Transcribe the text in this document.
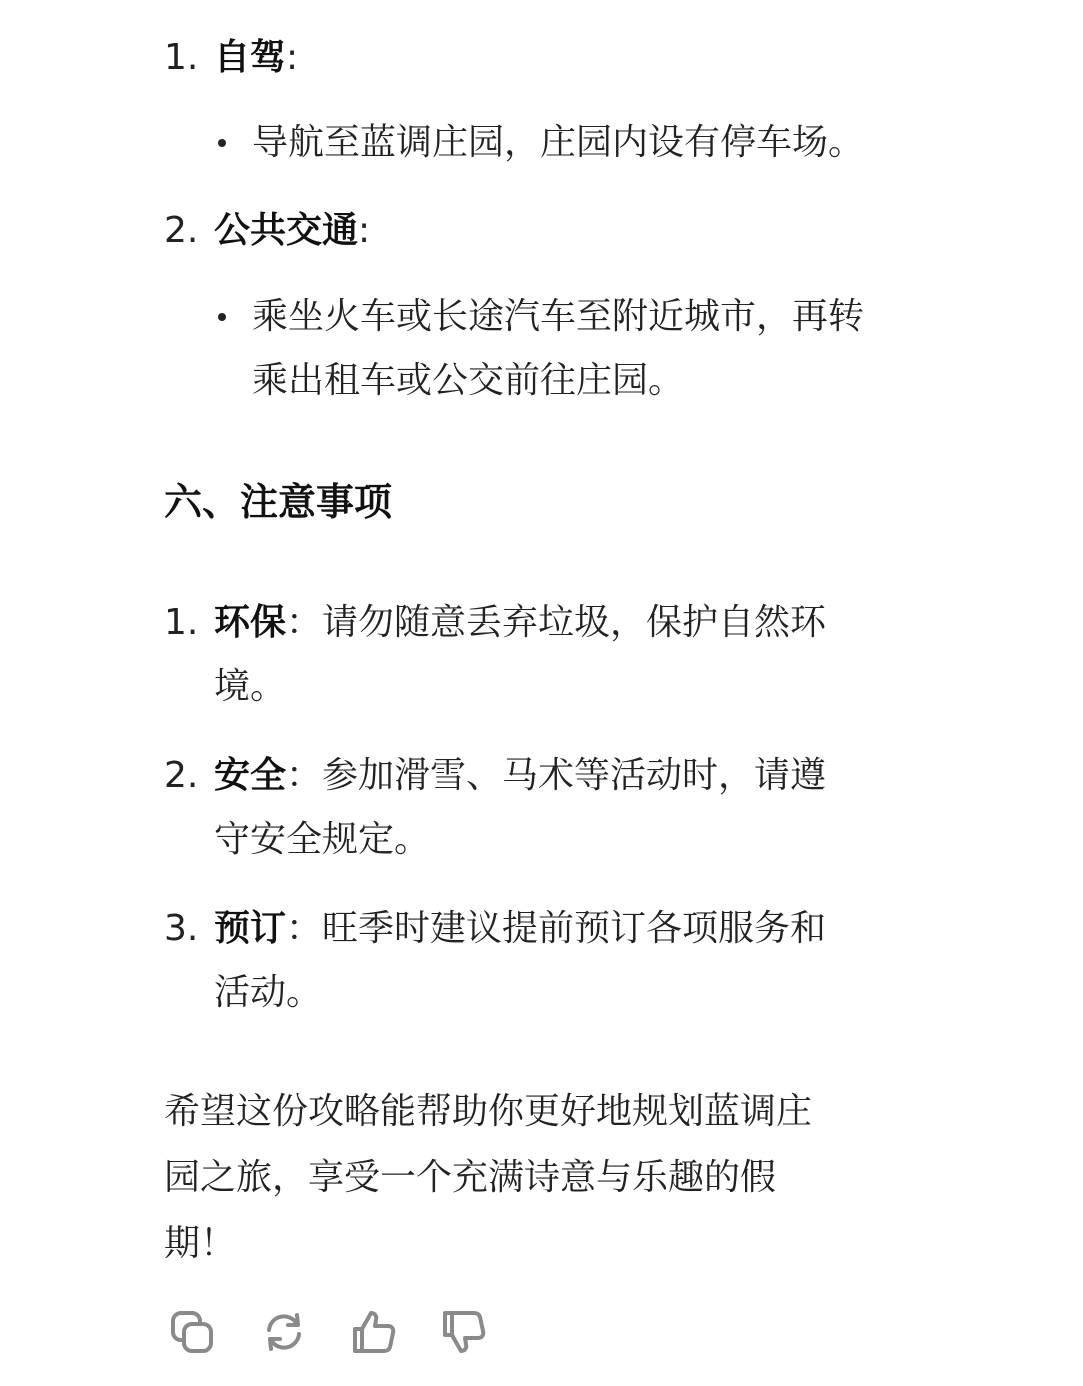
1. 自驾:
导航至蓝调庄园，庄园内设有停车场。
2. 公共交通:
乘坐火车或长途汽车至附近城市，再转
乘出租车或公交前往庄园。
六、注意事项
1. 环保：请勿随意丢弃垃圾，保护自然环
境。
2. 安全：参加滑雪、马术等活动时，请遵
守安全规定。
3. 预订：旺季时建议提前预订各项服务和
活动。
希望这份攻略能帮助你更好地规划蓝调庄
园之旅，享受一个充满诗意与乐趣的假
期！
